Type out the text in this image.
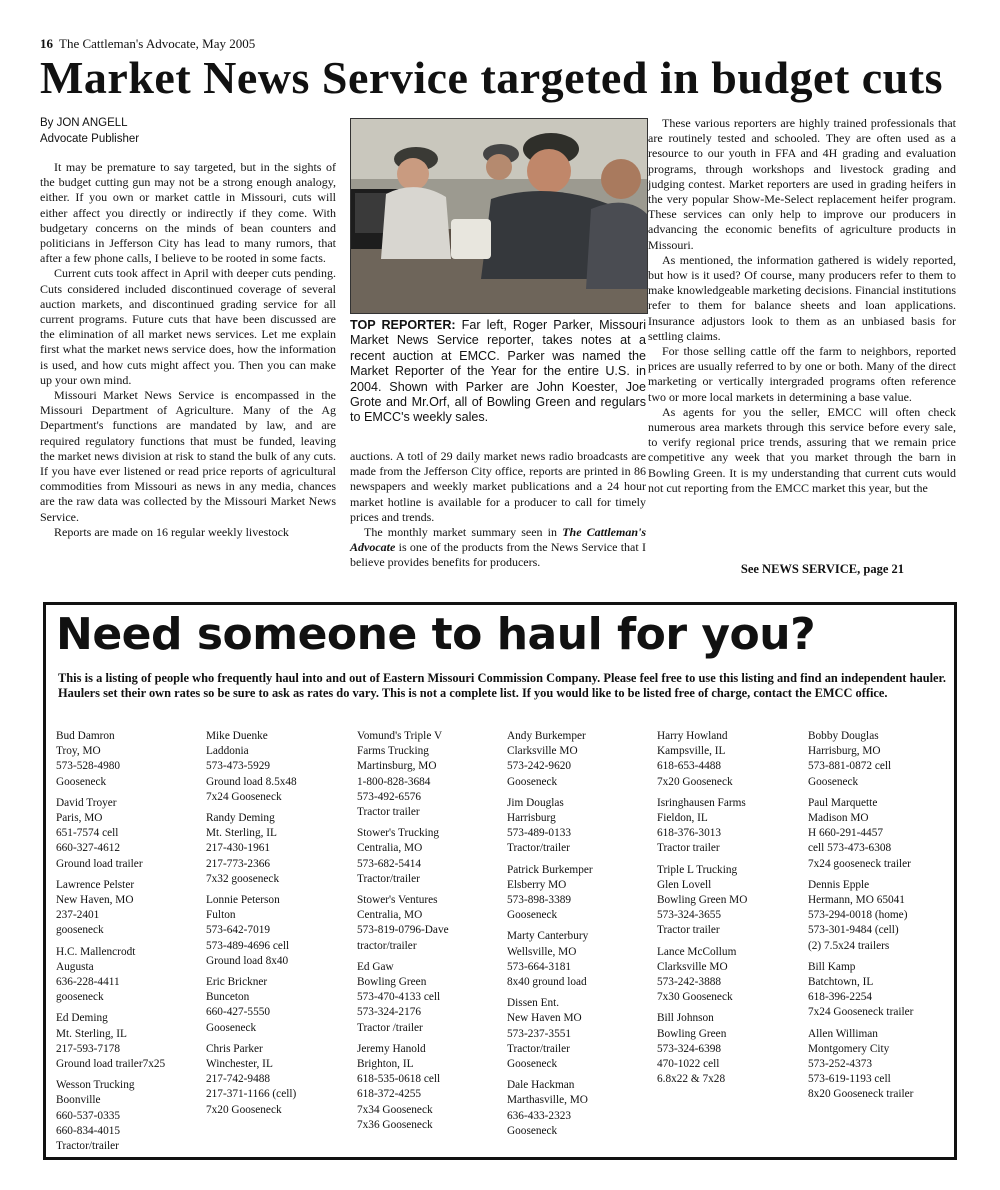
16 The Cattleman's Advocate, May 2005
Market News Service targeted in budget cuts
By JON ANGELL
Advocate Publisher

It may be premature to say targeted, but in the sights of the budget cutting gun may not be a strong enough analogy, either. If you own or market cattle in Missouri, cuts will either affect you directly or indirectly if they come. With budgetary concerns on the minds of bean counters and politicians in Jefferson City has lead to many rumors, that after a few phone calls, I believe to be rooted in some facts.

Current cuts took affect in April with deeper cuts pending. Cuts considered included discontinued coverage of several auction markets, and discontinued grading service for all current programs. Future cuts that have been discussed are the elimination of all market news services. Let me explain first what the market news service does, how the information is used, and how cuts might affect you. Then you can make up your own mind.

Missouri Market News Service is encompassed in the Missouri Department of Agriculture. Many of the Ag Department's functions are mandated by law, and are required regulatory functions that must be funded, leaving the market news division at risk to stand the bulk of any cuts. If you have ever listened or read price reports of agricultural commodities from Missouri as news in any media, chances are the raw data was collected by the Missouri Market News Service.

Reports are made on 16 regular weekly livestock

TOP REPORTER: Far left, Roger Parker, Missouri Market News Service reporter, takes notes at a recent auction at EMCC. Parker was named the Market Reporter of the Year for the entire U.S. in 2004. Shown with Parker are John Koester, Joe Grote and Mr.Orf, all of Bowling Green and regulars to EMCC's weekly sales.

auctions. A totl of 29 daily market news radio broadcasts are made from the Jefferson City office, reports are printed in 86 newspapers and weekly market publications and a 24 hour market hotline is available for a producer to call for timely prices and trends.

The monthly market summary seen in The Cattleman's Advocate is one of the products from the News Service that I believe provides benefits for producers.

These various reporters are highly trained professionals that are routinely tested and schooled. They are often used as a resource to our youth in FFA and 4H grading and evaluation programs, through workshops and livestock grading and judging contest. Market reporters are used in grading heifers in the very popular Show-Me-Select replacement heifer program. These services can only help to improve our producers in advancing the economic benefits of agriculture products in Missouri.

As mentioned, the information gathered is widely reported, but how is it used? Of course, many producers refer to them to make knowledgeable marketing decisions. Financial institutions refer to them for balance sheets and loan applications. Insurance adjustors look to them as an unbiased basis for settling claims.

For those selling cattle off the farm to neighbors, reported prices are usually referred to by one or both. Many of the direct marketing or vertically intergraded programs often reference two or more local markets in determining a base value.

As agents for you the seller, EMCC will often check numerous area markets through this service before every sale, to verify regional price trends, assuring that we remain price competitive any week that you market through the barn in Bowling Green. It is my understanding that current cuts would not cut reporting from the EMCC market this year, but the

See NEWS SERVICE, page 21
Need someone to haul for you?
This is a listing of people who frequently haul into and out of Eastern Missouri Commission Company. Please feel free to use this listing and find an independent hauler. Haulers set their own rates so be sure to ask as rates do vary. This is not a complete list. If you would like to be listed free of charge, contact the EMCC office.
Bud Damron
Troy, MO
573-528-4980
Gooseneck
David Troyer
Paris, MO
651-7574 cell
660-327-4612
Ground load trailer
Lawrence Pelster
New Haven, MO
237-2401
gooseneck
H.C. Mallencrodt
Augusta
636-228-4411
gooseneck
Ed Deming
Mt. Sterling, IL
217-593-7178
Ground load trailer7x25
Wesson Trucking
Boonville
660-537-0335
660-834-4015
Tractor/trailer
Mike Duenke
Laddonia
573-473-5929
Ground load 8.5x48
7x24 Gooseneck
Randy Deming
Mt. Sterling, IL
217-430-1961
217-773-2366
7x32 gooseneck
Lonnie Peterson
Fulton
573-642-7019
573-489-4696 cell
Ground load 8x40
Eric Brickner
Bunceton
660-427-5550
Gooseneck
Chris Parker
Winchester, IL
217-742-9488
217-371-1166 (cell)
7x20 Gooseneck
Vomund's Triple V
Farms Trucking
Martinsburg, MO
1-800-828-3684
573-492-6576
Tractor trailer
Stower's Trucking
Centralia, MO
573-682-5414
Tractor/trailer
Stower's Ventures
Centralia, MO
573-819-0796-Dave
tractor/trailer
Ed Gaw
Bowling Green
573-470-4133 cell
573-324-2176
Tractor /trailer
Jeremy Hanold
Brighton, IL
618-535-0618 cell
618-372-4255
7x34 Gooseneck
7x36 Gooseneck
Andy Burkemper
Clarksville MO
573-242-9620
Gooseneck
Jim Douglas
Harrisburg
573-489-0133
Tractor/trailer
Patrick Burkemper
Elsberry MO
573-898-3389
Gooseneck
Marty Canterbury
Wellsville, MO
573-664-3181
8x40 ground load
Dissen Ent.
New Haven MO
573-237-3551
Tractor/trailer
Gooseneck
Dale Hackman
Marthasville, MO
636-433-2323
Gooseneck
Harry Howland
Kampsville, IL
618-653-4488
7x20 Gooseneck
Isringhausen Farms
Fieldon, IL
618-376-3013
Tractor trailer
Triple L Trucking
Glen Lovell
Bowling Green MO
573-324-3655
Tractor trailer
Lance McCollum
Clarksville MO
573-242-3888
7x30 Gooseneck
Bill Johnson
Bowling Green
573-324-6398
470-1022 cell
6.8x22 & 7x28
Bobby Douglas
Harrisburg, MO
573-881-0872 cell
Gooseneck
Paul Marquette
Madison MO
H 660-291-4457
cell 573-473-6308
7x24 gooseneck trailer
Dennis Epple
Hermann, MO 65041
573-294-0018 (home)
573-301-9484 (cell)
(2) 7.5x24 trailers
Bill Kamp
Batchtown, IL
618-396-2254
7x24 Gooseneck trailer
Allen Williman
Montgomery City
573-252-4373
573-619-1193 cell
8x20 Gooseneck trailer
